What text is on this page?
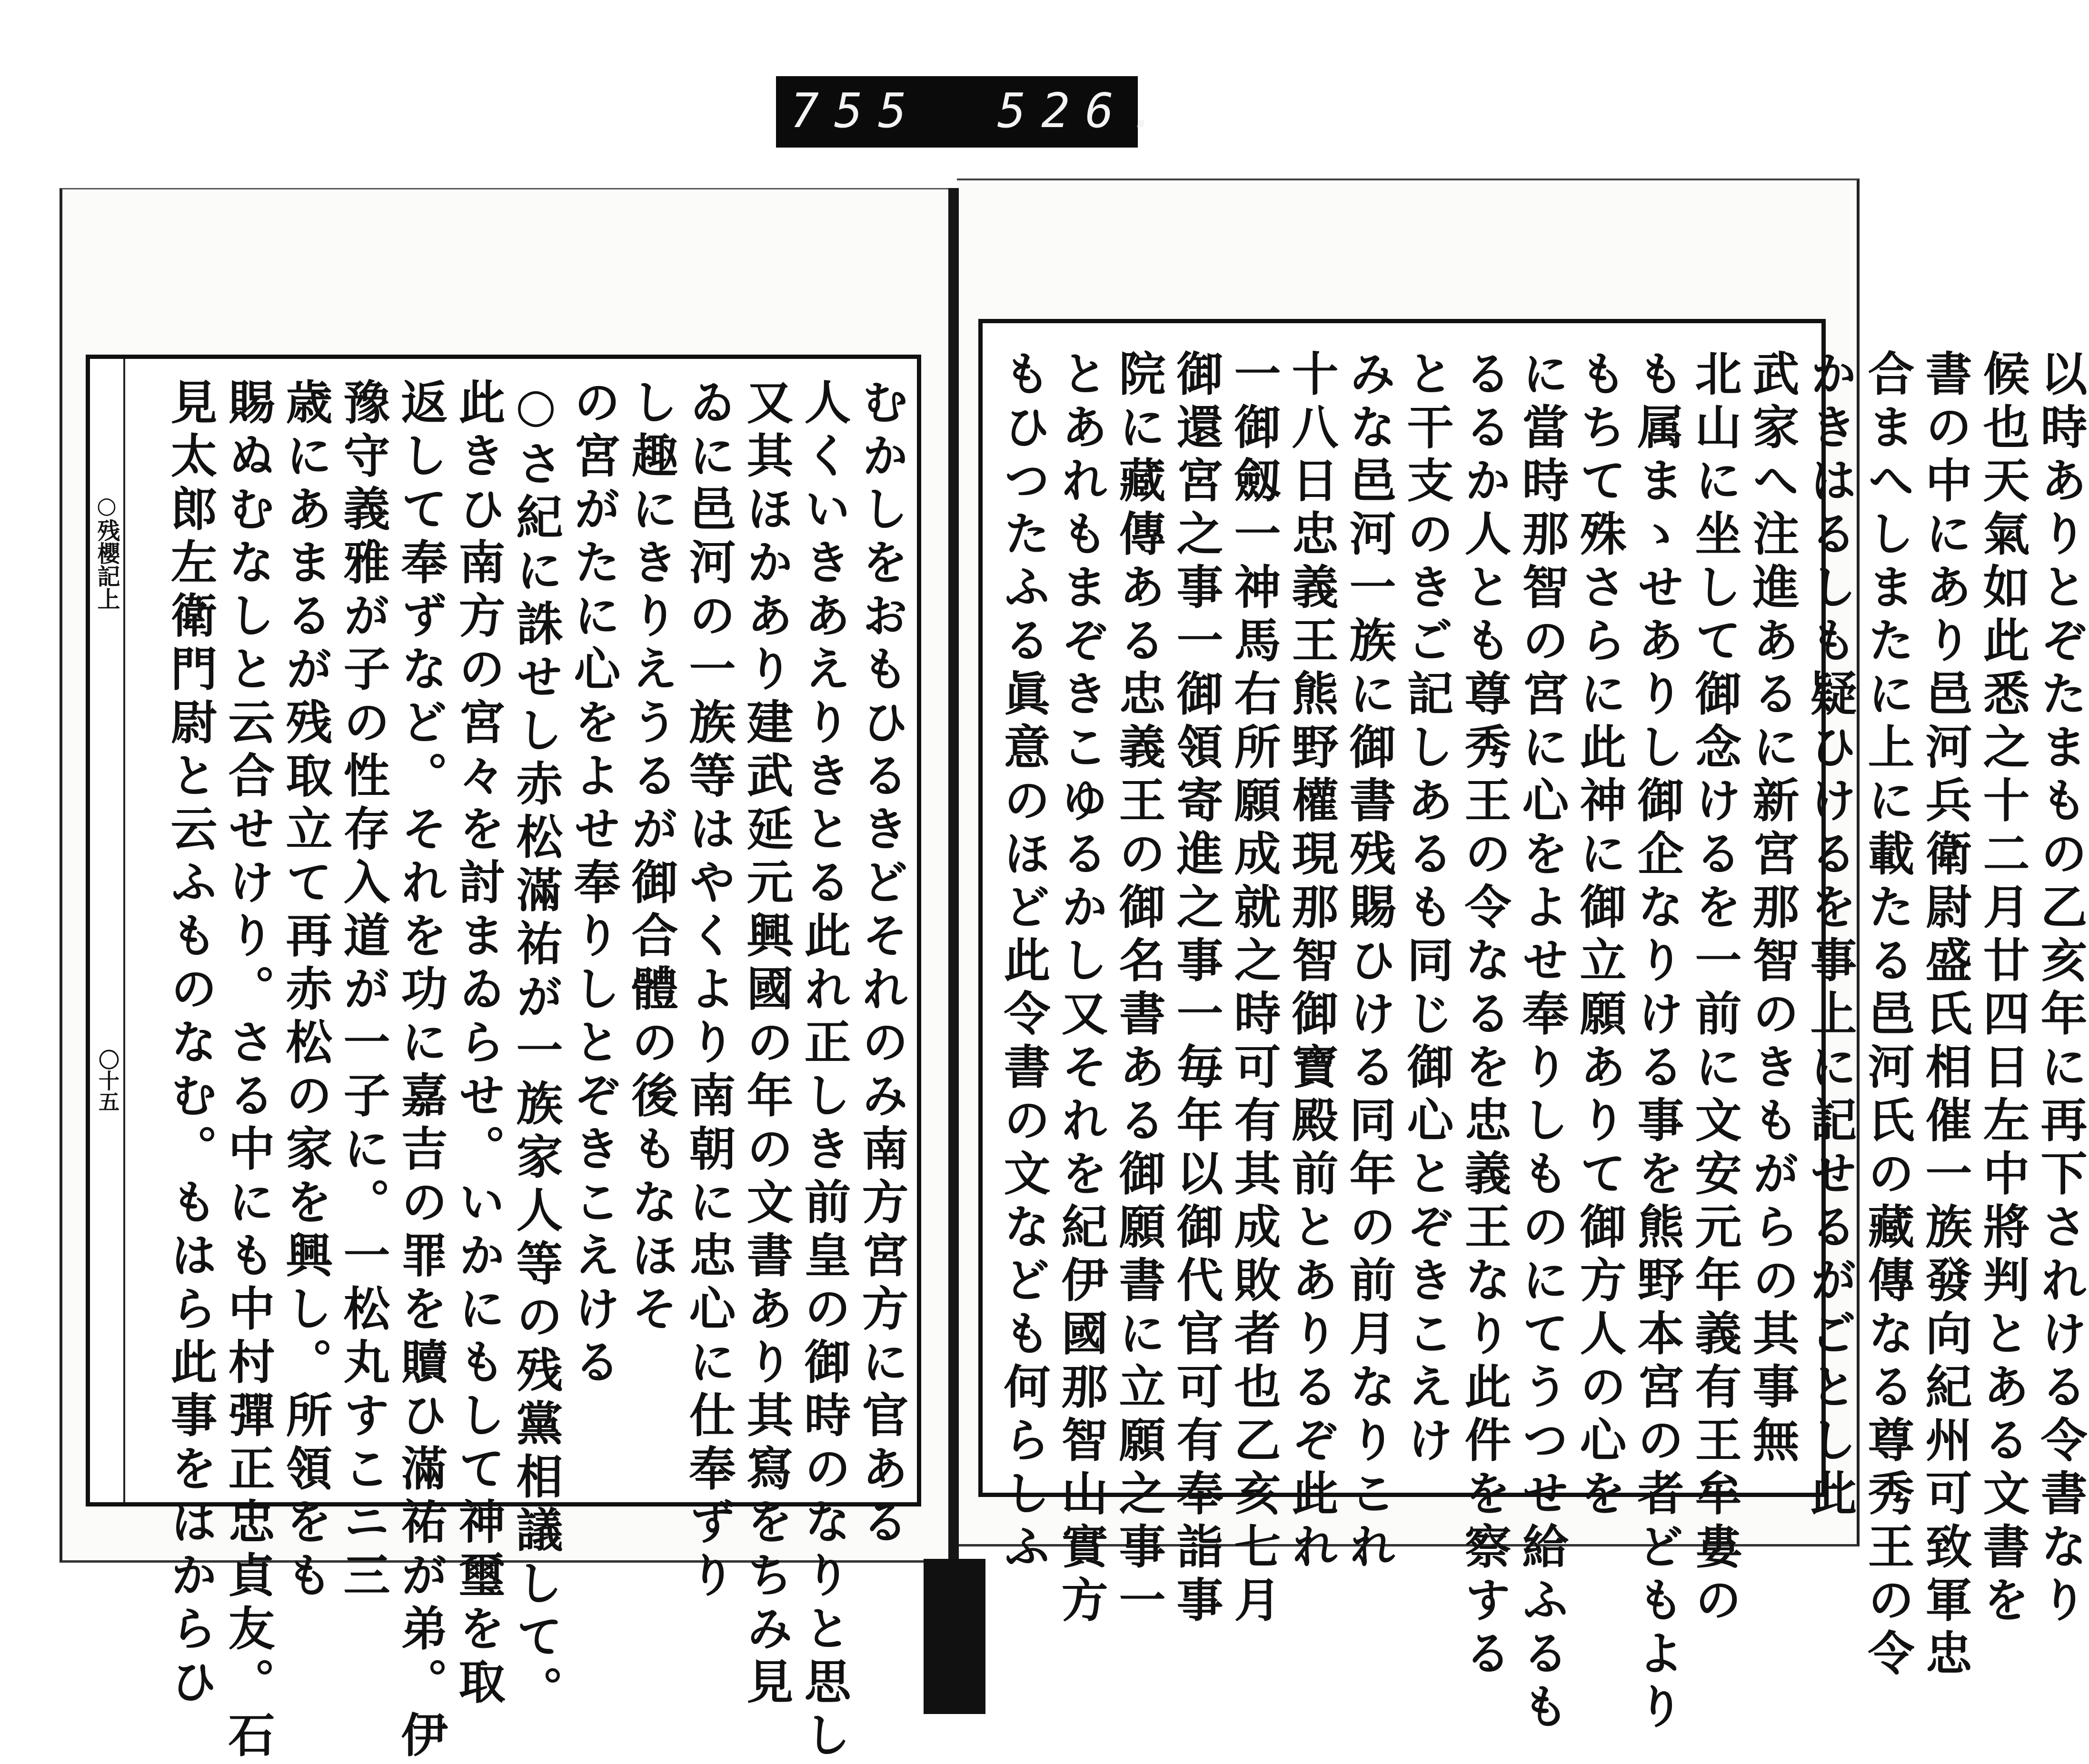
755 526.
○残櫻記上
〇十五	むかしをおもひるきどそれのみ南方宮方に官ある
人くいきあえりきとる此れ正しき前皇の御時のなりと思し
又其ほかあり建武延元興國の年の文書あり其寫をちみ見
ゐに邑河の一族等はやくより南朝に忠心に仕奉ずり
し趣にきりえうるが御合體の後もなほそ
の宮がたに心をよせ奉りしとぞきこえける
○さ紀に誅せし赤松滿祐が一族家人等の残黨相議して。
此きひ南方の宮々を討まゐらせ。いかにもして神璽を取
返して奉ずなど。それを功に嘉吉の罪を贖ひ滿祐が弟。伊
豫守義雅が子の性存入道が一子に。一松丸すこニ三
歳にあまるが残取立て再赤松の家を興し。所領をも
賜ぬむなしと云合せけり。さる中にも中村彈正忠貞友。石
見太郎左衛門尉と云ふものなむ。もはら此事をはからひ	以時ありとぞたまもの乙亥年に再下されける令書なり
候也天氣如此悉之十二月廿四日左中將判とある文書を
書の中にあり邑河兵衛尉盛氏相催一族發向紀州可致軍忠
合まへしまたに上に載たる邑河氏の藏傳なる尊秀王の令
かきはるしも疑ひけるを事上に記せるがごとし此
武家へ注進あるに新宮那智のきもがらの其事無
北山に坐して御念けるを一前に文安元年義有王牟婁の
も属まゝせありし御企なりける事を熊野本宮の者どもより
もちて殊さらに此神に御立願ありて御方人の心を
に當時那智の宮に心をよせ奉りしものにてうつせ給ふるも
るるか人とも尊秀王の令なるを忠義王なり此件を察する
と干支のきご記しあるも同じ御心とぞきこえけ
みな邑河一族に御書残賜ひける同年の前月なりこれ
十八日忠義王熊野權現那智御寶殿前とありるぞ此れ
一御劔一神馬右所願成就之時可有其成敗者也乙亥七月
御還宮之事一御領寄進之事一毎年以御代官可有奉詣事
院に藏傳ある忠義王の御名書ある御願書に立願之事一
とあれもまぞきこゆるかし又それを紀伊國那智山實方
もひつたふる眞意のほど此令書の文なども何らしふ
